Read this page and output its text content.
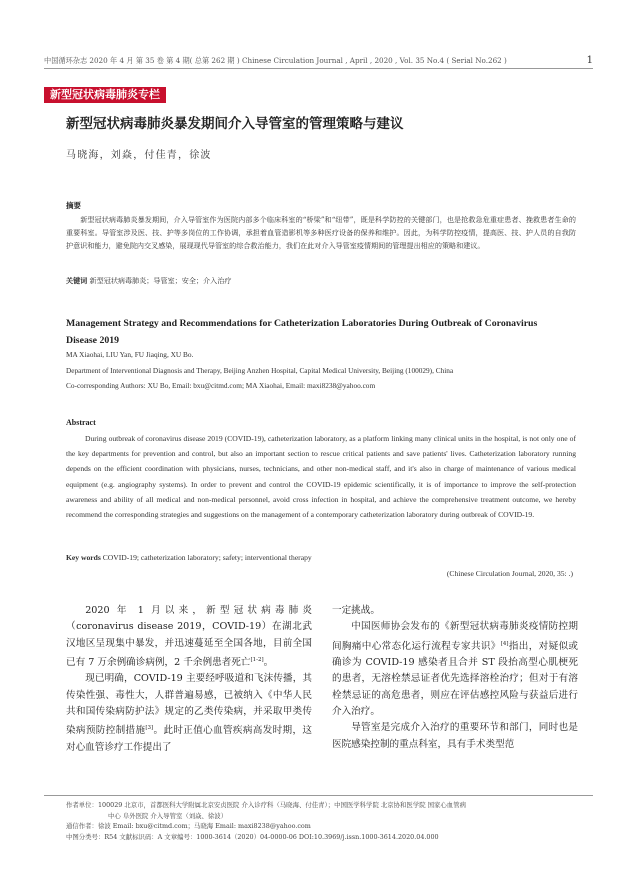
中国循环杂志 2020 年 4 月 第 35 卷 第 4 期( 总第 262 期 ) Chinese Circulation Journal , April , 2020 , Vol. 35 No.4 ( Serial No.262 )	1
新型冠状病毒肺炎专栏
新型冠状病毒肺炎暴发期间介入导管室的管理策略与建议
马晓海，刘焱，付佳青，徐波
摘要
新型冠状病毒肺炎暴发期间，介入导管室作为医院内部多个临床科室的“桥梁”和“纽带”，既是科学防控的关键部门，也是抢救急危重症患者、挽救患者生命的重要科室。导管室涉及医、技、护等多岗位的工作协调，承担着血管造影机等多种医疗设备的保养和维护。因此，为科学防控疫情，提高医、技、护人员的自我防护意识和能力，避免院内交叉感染，展现现代导管室的综合救治能力，我们在此对介入导管室疫情期间的管理提出相应的策略和建议。
关键词 新型冠状病毒肺炎；导管室；安全；介入治疗
Management Strategy and Recommendations for Catheterization Laboratories During Outbreak of Coronavirus Disease 2019
MA Xiaohai, LIU Yan, FU Jiaqing, XU Bo.
Department of Interventional Diagnosis and Therapy, Beijing Anzhen Hospital, Capital Medical University, Beijing (100029), China
Co-corresponding Authors: XU Bo, Email: bxu@citmd.com; MA Xiaohai, Email: maxi8238@yahoo.com
Abstract
During outbreak of coronavirus disease 2019 (COVID-19), catheterization laboratory, as a platform linking many clinical units in the hospital, is not only one of the key departments for prevention and control, but also an important section to rescue critical patients and save patients' lives. Catheterization laboratory running depends on the efficient coordination with physicians, nurses, technicians, and other non-medical staff, and it's also in charge of maintenance of various medical equipment (e.g. angiography systems). In order to prevent and control the COVID-19 epidemic scientifically, it is of importance to improve the self-protection awareness and ability of all medical and non-medical personnel, avoid cross infection in hospital, and achieve the comprehensive treatment outcome, we hereby recommend the corresponding strategies and suggestions on the management of a contemporary catheterization laboratory during outbreak of COVID-19.
Key words COVID-19; catheterization laboratory; safety; interventional therapy
(Chinese Circulation Journal, 2020, 35: .)

2020 年 1 月以来，新型冠状病毒肺炎（coronavirus disease 2019，COVID-19）在湖北武汉地区呈现集中暴发，并迅速蔓延至全国各地，目前全国已有 7 万余例确诊病例，2 千余例患者死亡[1-2]。

现已明确，COVID-19 主要经呼吸道和飞沫传播，其传染性强、毒性大，人群普遍易感，已被纳入《中华人民共和国传染病防护法》规定的乙类传染病，并采取甲类传染病预防控制措施[3]。此时正值心血管疾病高发时期，这对心血管诊疗工作提出了

一定挑战。

中国医师协会发布的《新型冠状病毒肺炎疫情防控期间胸痛中心常态化运行流程专家共识》[4]指出，对疑似或确诊为 COVID-19 感染者且合并 ST 段抬高型心肌梗死的患者，无溶栓禁忌证者优先选择溶栓治疗；但对于有溶栓禁忌证的高危患者，则应在评估感控风险与获益后进行介入治疗。

导管室是完成介入治疗的重要环节和部门，同时也是医院感染控制的重点科室，具有手术类型范

作者单位：100029 北京市，首都医科大学附属北京安贞医院 介入诊疗科（马晓海、付佳青）；中国医学科学院 北京协和医学院 国家心血管病
中心 阜外医院 介入导管室（刘焱、徐波）
通信作者：徐波 Email: bxu@citmd.com；马晓海 Email: maxi8238@yahoo.com
中图分类号：R54 文献标识码：A 文章编号：1000-3614（2020）04-0000-06 DOI:10.3969/j.issn.1000-3614.2020.04.000
